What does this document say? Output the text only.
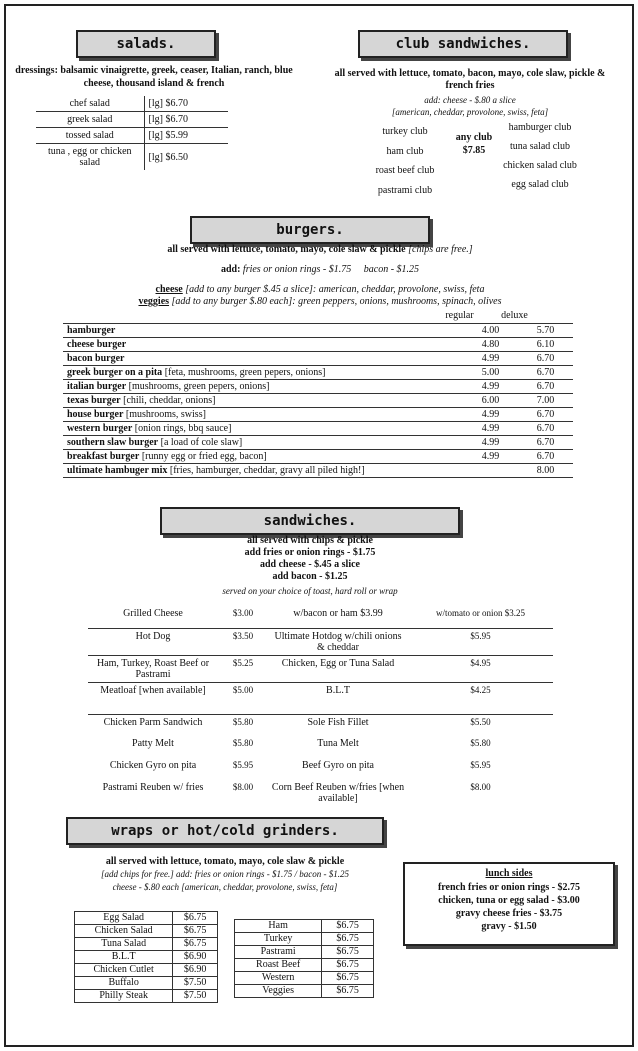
salads.
dressings: balsamic vinaigrette, greek, ceaser, Italian, ranch, blue cheese, thousand island & french
chef salad	[lg] $6.70
greek salad	[lg] $6.70
tossed salad	[lg] $5.99
tuna , egg or chicken salad	[lg] $6.50
club sandwiches.
all served with lettuce, tomato, bacon, mayo, cole slaw, pickle & french fries
add: cheese - $.80 a slice
[american, cheddar, provolone, swiss, feta]
turkey club
ham club
roast beef club
pastrami club
any club
$7.85
hamburger club
tuna salad club
chicken salad club
egg salad club
burgers.
all served with lettuce, tomato, mayo, cole slaw & pickle [chips are free.]
add: fries or onion rings - $1.75     bacon - $1.25
cheese [add to any burger $.45 a slice]: american, cheddar, provolone, swiss, feta
veggies [add to any burger $.80 each]: green peppers, onions, mushrooms, spinach, olives
regular	deluxe
hamburger	4.00	5.70
cheese burger	4.80	6.10
bacon burger	4.99	6.70
greek burger on a pita [feta, mushrooms, green pepers, onions]	5.00	6.70
italian burger [mushrooms, green pepers, onions]	4.99	6.70
texas burger [chili, cheddar, onions]	6.00	7.00
house burger [mushrooms, swiss]	4.99	6.70
western burger [onion rings, bbq sauce]	4.99	6.70
southern slaw burger [a load of cole slaw]	4.99	6.70
breakfast burger [runny egg or fried egg, bacon]	4.99	6.70
ultimate hambuger mix [fries, hamburger, cheddar, gravy all piled high!]		8.00
sandwiches.
all served with chips & pickle
add fries or onion rings - $1.75
add cheese - $.45 a slice
add bacon - $1.25
served on your choice of toast, hard roll or wrap
Grilled Cheese	$3.00	w/bacon or ham $3.99	w/tomato or onion $3.25
Hot Dog	$3.50	Ultimate Hotdog w/chili onions & cheddar	$5.95
Ham, Turkey, Roast Beef or Pastrami	$5.25	Chicken, Egg or Tuna Salad	$4.95
Meatloaf [when available]	$5.00	B.L.T	$4.25
Chicken Parm Sandwich	$5.80	Sole Fish Fillet	$5.50
Patty Melt	$5.80	Tuna Melt	$5.80
Chicken Gyro on pita	$5.95	Beef Gyro on pita	$5.95
Pastrami Reuben w/ fries	$8.00	Corn Beef Reuben w/fries [when available]	$8.00
wraps or hot/cold grinders.
all served with lettuce, tomato, mayo, cole slaw & pickle
[add chips for free.] add: fries or onion rings - $1.75 / bacon - $1.25
cheese - $.80 each [american, cheddar, provolone, swiss, feta]
Egg Salad	$6.75
Chicken Salad	$6.75
Tuna Salad	$6.75
B.L.T	$6.90
Chicken Cutlet	$6.90
Buffalo	$7.50
Philly Steak	$7.50
Ham	$6.75
Turkey	$6.75
Pastrami	$6.75
Roast Beef	$6.75
Western	$6.75
Veggies	$6.75
lunch sides
french fries or onion rings - $2.75
chicken, tuna or egg salad - $3.00
gravy cheese fries - $3.75
gravy - $1.50
